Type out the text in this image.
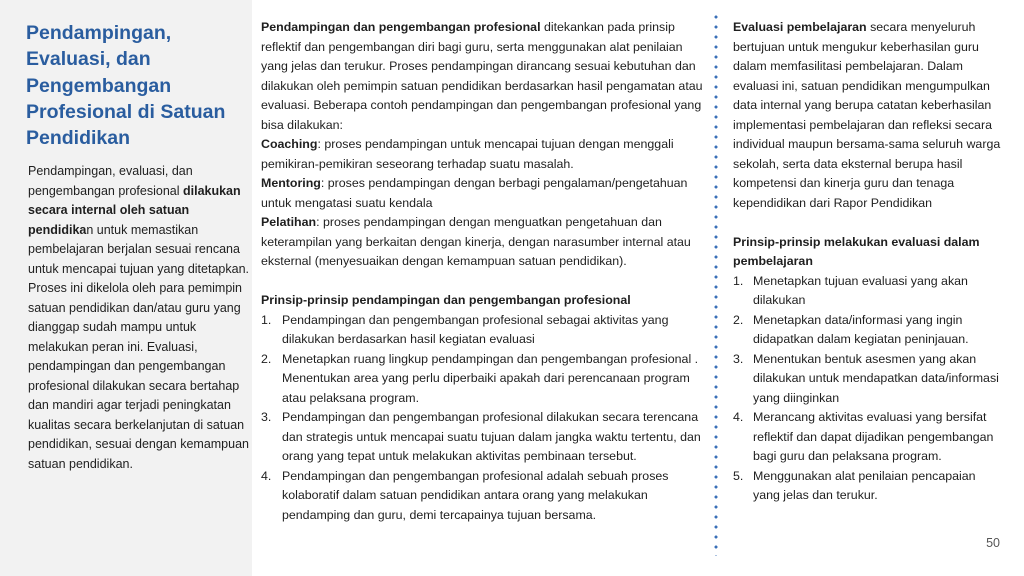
Pendampingan, Evaluasi, dan Pengembangan Profesional di Satuan Pendidikan
Pendampingan, evaluasi, dan pengembangan profesional dilakukan secara internal oleh satuan pendidikan untuk memastikan pembelajaran berjalan sesuai rencana untuk mencapai tujuan yang ditetapkan. Proses ini dikelola oleh para pemimpin satuan pendidikan dan/atau guru yang dianggap sudah mampu untuk melakukan peran ini. Evaluasi, pendampingan dan pengembangan profesional dilakukan secara bertahap dan mandiri agar terjadi peningkatan kualitas secara berkelanjutan di satuan pendidikan, sesuai dengan kemampuan satuan pendidikan.

Pendampingan dan pengembangan profesional ditekankan pada prinsip reflektif dan pengembangan diri bagi guru, serta menggunakan alat penilaian yang jelas dan terukur. Proses pendampingan dirancang sesuai kebutuhan dan dilakukan oleh pemimpin satuan pendidikan berdasarkan hasil pengamatan atau evaluasi. Beberapa contoh pendampingan dan pengembangan profesional yang bisa dilakukan:

Coaching: proses pendampingan untuk mencapai tujuan dengan menggali pemikiran-pemikiran seseorang terhadap suatu masalah.

Mentoring: proses pendampingan dengan berbagi pengalaman/pengetahuan untuk mengatasi suatu kendala

Pelatihan: proses pendampingan dengan menguatkan pengetahuan dan keterampilan yang berkaitan dengan kinerja, dengan narasumber internal atau eksternal (menyesuaikan dengan kemampuan satuan pendidikan).

Prinsip-prinsip pendampingan dan pengembangan profesional

1. Pendampingan dan pengembangan profesional sebagai aktivitas yang dilakukan berdasarkan hasil kegiatan evaluasi
2. Menetapkan ruang lingkup pendampingan dan pengembangan profesional . Menentukan area yang perlu diperbaiki apakah dari perencanaan program atau pelaksana program.
3. Pendampingan dan pengembangan profesional dilakukan secara terencana dan strategis untuk mencapai suatu tujuan dalam jangka waktu tertentu, dan orang yang tepat untuk melakukan aktivitas pembinaan tersebut.
4. Pendampingan dan pengembangan profesional adalah sebuah proses kolaboratif dalam satuan pendidikan antara orang yang melakukan pendamping dan guru, demi tercapainya tujuan bersama.

Evaluasi pembelajaran secara menyeluruh bertujuan untuk mengukur keberhasilan guru dalam memfasilitasi pembelajaran. Dalam evaluasi ini, satuan pendidikan mengumpulkan data internal yang berupa catatan keberhasilan implementasi pembelajaran dan refleksi secara individual maupun bersama-sama seluruh warga sekolah, serta data eksternal berupa hasil kompetensi dan kinerja guru dan tenaga kependidikan dari Rapor Pendidikan

Prinsip-prinsip melakukan evaluasi dalam pembelajaran

1. Menetapkan tujuan evaluasi yang akan dilakukan
2. Menetapkan data/informasi yang ingin didapatkan dalam kegiatan peninjauan.
3. Menentukan bentuk asesmen yang akan dilakukan untuk mendapatkan data/informasi yang diinginkan
4. Merancang aktivitas evaluasi yang bersifat reflektif dan dapat dijadikan pengembangan bagi guru dan pelaksana program.
5. Menggunakan alat penilaian pencapaian yang jelas dan terukur.
50
